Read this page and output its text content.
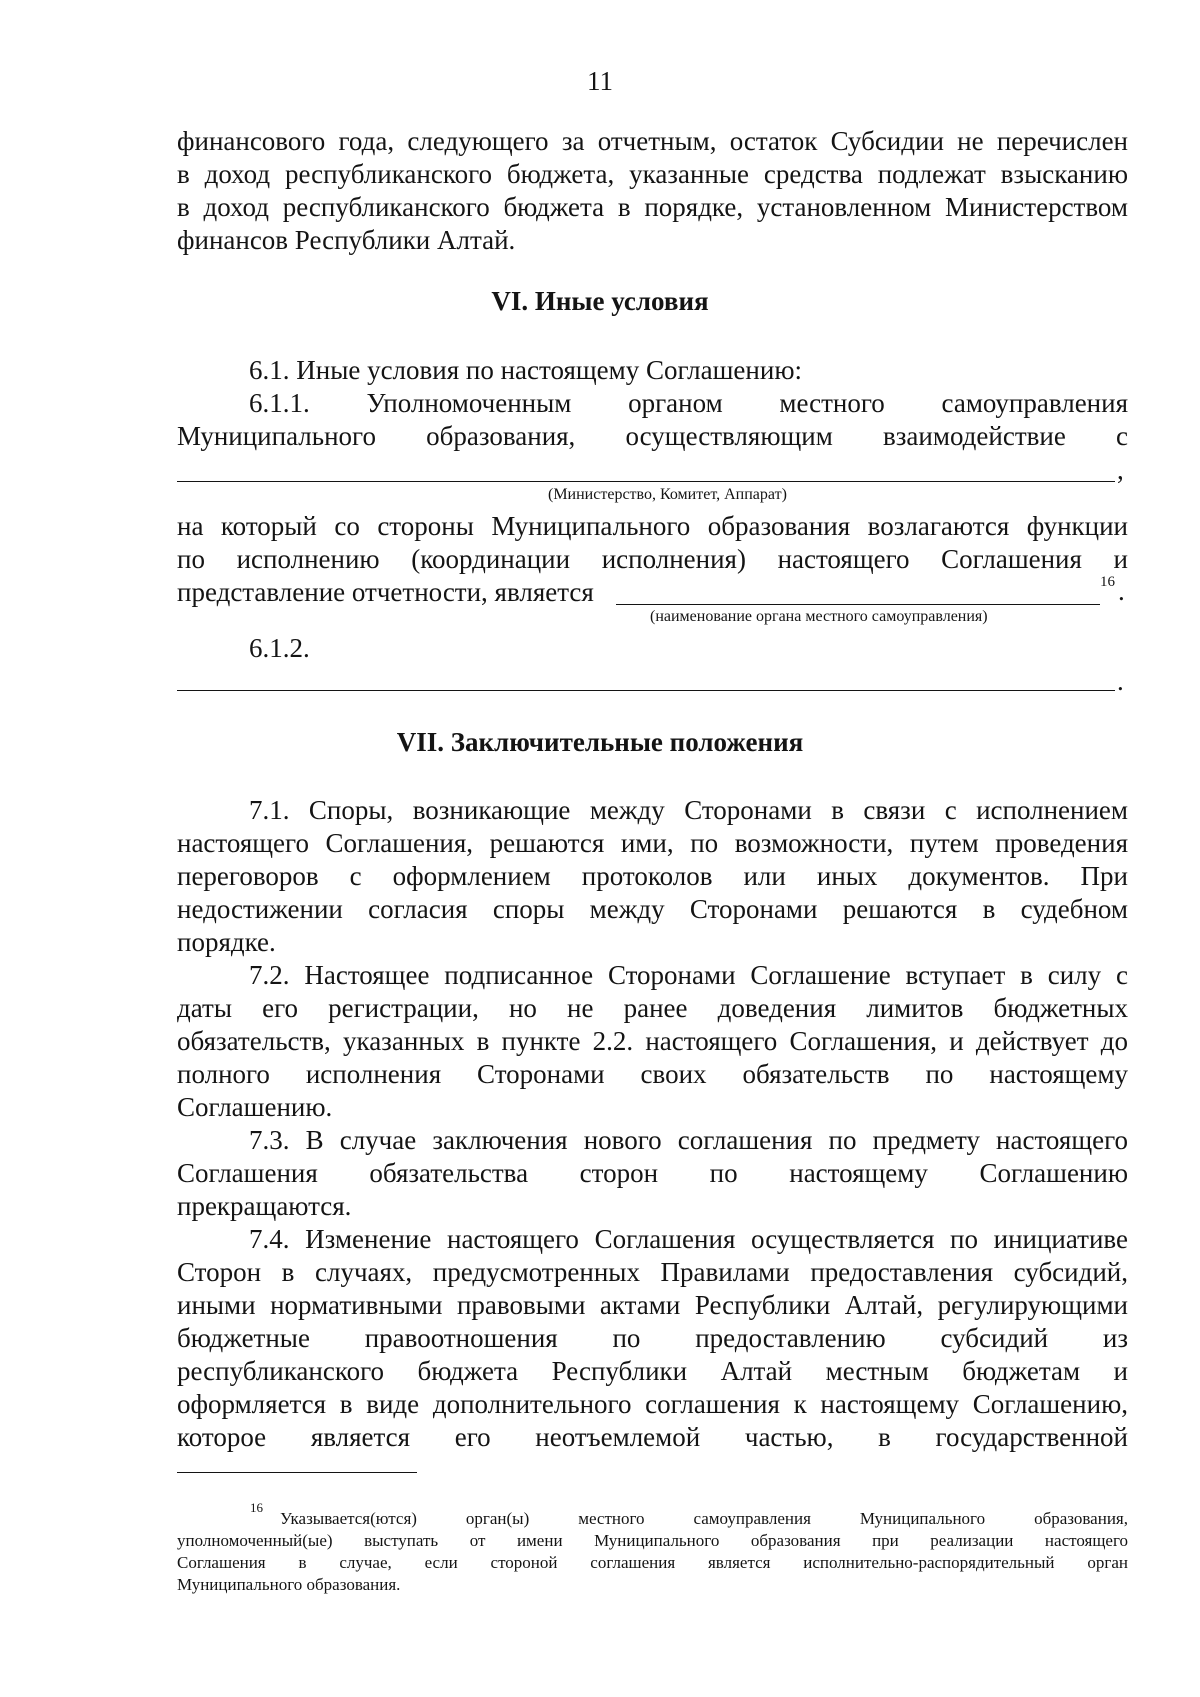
11
финансового года, следующего за отчетным, остаток Субсидии не перечислен
в доход республиканского бюджета, указанные средства подлежат взысканию
в доход республиканского бюджета в порядке, установленном Министерством
финансов Республики Алтай.
VI. Иные условия
6.1. Иные условия по настоящему Соглашению:
6.1.1. Уполномоченным органом местного самоуправления
Муниципального образования, осуществляющим взаимодействие с
,
(Министерство, Комитет, Аппарат)
на который со стороны Муниципального образования возлагаются функции
по исполнению (координации исполнения) настоящего Соглашения и
представление отчетности, является	16 .
(наименование органа местного самоуправления)
6.1.2.
.
VII. Заключительные положения
7.1. Споры, возникающие между Сторонами в связи с исполнением
настоящего Соглашения, решаются ими, по возможности, путем проведения
переговоров с оформлением протоколов или иных документов. При
недостижении согласия споры между Сторонами решаются в судебном
порядке.
7.2. Настоящее подписанное Сторонами Соглашение вступает в силу с
даты его регистрации, но не ранее доведения лимитов бюджетных
обязательств, указанных в пункте 2.2. настоящего Соглашения, и действует до
полного исполнения Сторонами своих обязательств по настоящему
Соглашению.
7.3. В случае заключения нового соглашения по предмету настоящего
Соглашения обязательства сторон по настоящему Соглашению
прекращаются.
7.4. Изменение настоящего Соглашения осуществляется по инициативе
Сторон в случаях, предусмотренных Правилами предоставления субсидий,
иными нормативными правовыми актами Республики Алтай, регулирующими
бюджетные правоотношения по предоставлению субсидий из
республиканского бюджета Республики Алтай местным бюджетам и
оформляется в виде дополнительного соглашения к настоящему Соглашению,
которое является его неотъемлемой частью, в государственной
16
Указывается(ются) орган(ы) местного самоуправления Муниципального образования,
уполномоченный(ые) выступать от имени Муниципального образования при реализации настоящего
Соглашения в случае, если стороной соглашения является исполнительно-распорядительный орган
Муниципального образования.
